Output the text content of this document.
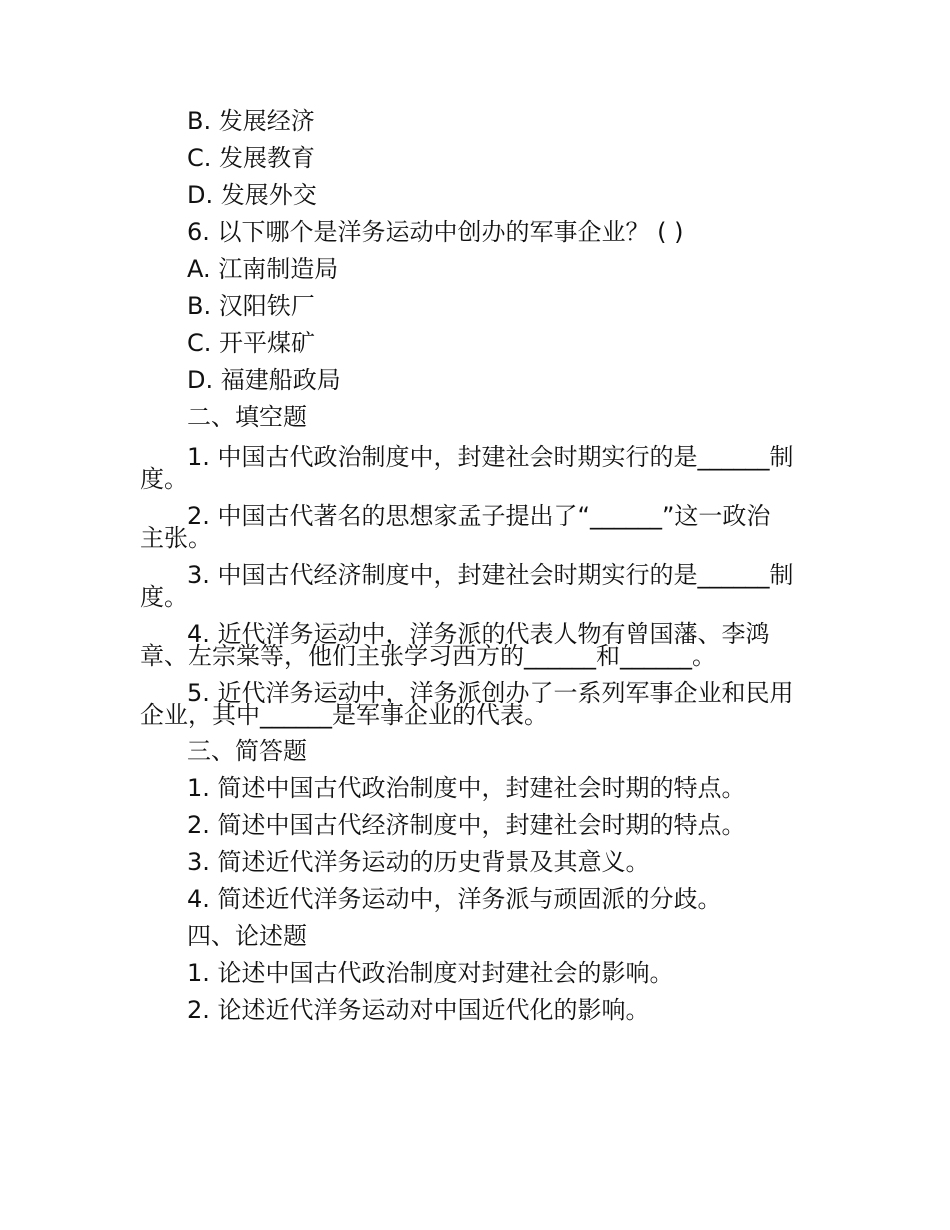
B. 发展经济
C. 发展教育
D. 发展外交
6. 以下哪个是洋务运动中创办的军事企业？ ( )
A. 江南制造局
B. 汉阳铁厂
C. 开平煤矿
D. 福建船政局
二、填空题
1. 中国古代政治制度中，封建社会时期实行的是______制
度。
2. 中国古代著名的思想家孟子提出了“______”这一政治
主张。
3. 中国古代经济制度中，封建社会时期实行的是______制
度。
4. 近代洋务运动中，洋务派的代表人物有曾国藩、李鸿
章、左宗棠等，他们主张学习西方的______和______。
5. 近代洋务运动中，洋务派创办了一系列军事企业和民用
企业，其中______是军事企业的代表。
三、简答题
1. 简述中国古代政治制度中，封建社会时期的特点。
2. 简述中国古代经济制度中，封建社会时期的特点。
3. 简述近代洋务运动的历史背景及其意义。
4. 简述近代洋务运动中，洋务派与顽固派的分歧。
四、论述题
1. 论述中国古代政治制度对封建社会的影响。
2. 论述近代洋务运动对中国近代化的影响。
